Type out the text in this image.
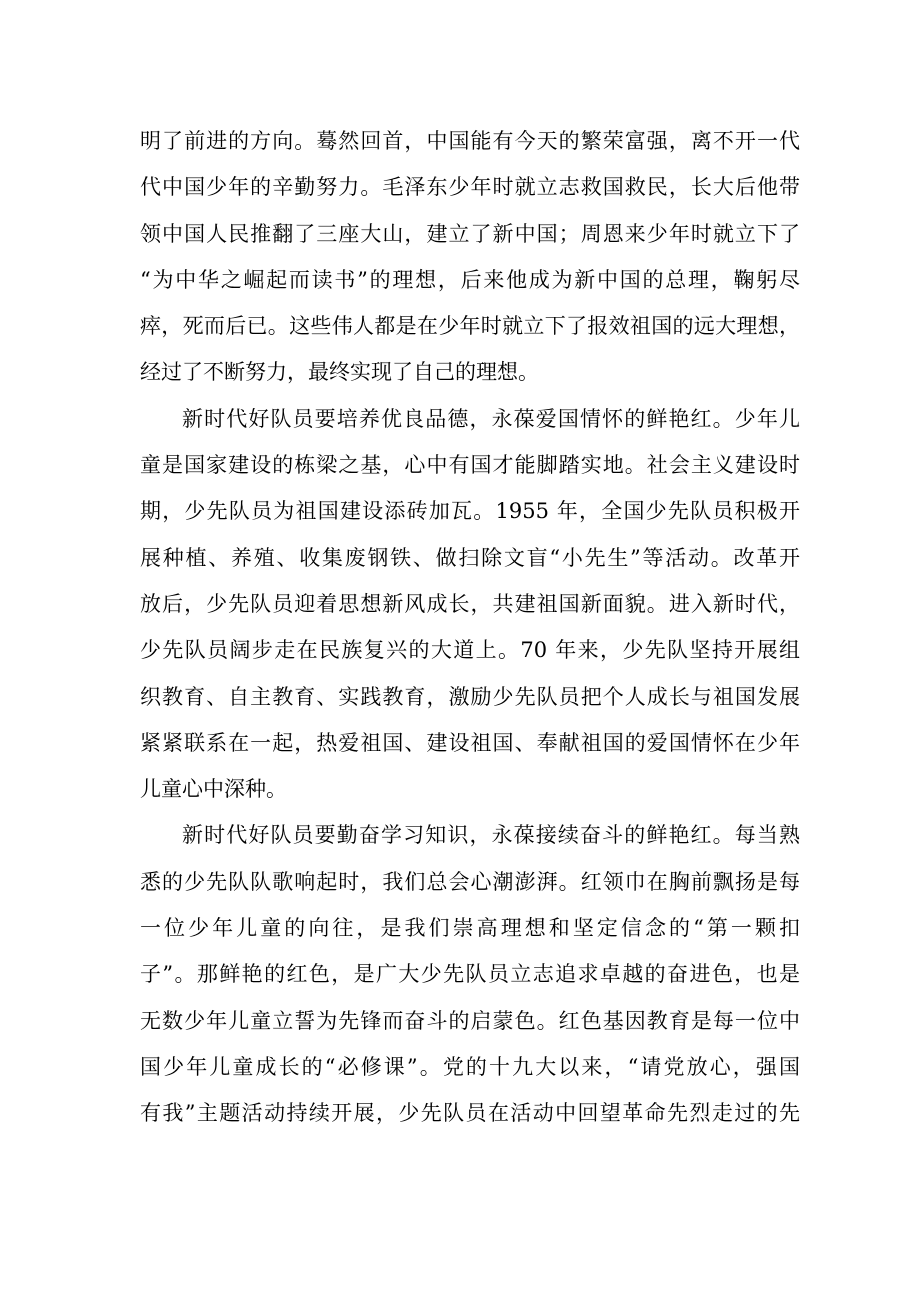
明了前进的方向。蓦然回首，中国能有今天的繁荣富强，离不开一代
代中国少年的辛勤努力。毛泽东少年时就立志救国救民，长大后他带
领中国人民推翻了三座大山，建立了新中国；周恩来少年时就立下了
“为中华之崛起而读书”的理想，后来他成为新中国的总理，鞠躬尽
瘁，死而后已。这些伟人都是在少年时就立下了报效祖国的远大理想，
经过了不断努力，最终实现了自己的理想。
新时代好队员要培养优良品德，永葆爱国情怀的鲜艳红。少年儿
童是国家建设的栋梁之基，心中有国才能脚踏实地。社会主义建设时
期，少先队员为祖国建设添砖加瓦。1955 年，全国少先队员积极开
展种植、养殖、收集废钢铁、做扫除文盲“小先生”等活动。改革开
放后，少先队员迎着思想新风成长，共建祖国新面貌。进入新时代，
少先队员阔步走在民族复兴的大道上。70 年来，少先队坚持开展组
织教育、自主教育、实践教育，激励少先队员把个人成长与祖国发展
紧紧联系在一起，热爱祖国、建设祖国、奉献祖国的爱国情怀在少年
儿童心中深种。
新时代好队员要勤奋学习知识，永葆接续奋斗的鲜艳红。每当熟
悉的少先队队歌响起时，我们总会心潮澎湃。红领巾在胸前飘扬是每
一位少年儿童的向往，是我们崇高理想和坚定信念的“第一颗扣
子”。那鲜艳的红色，是广大少先队员立志追求卓越的奋进色，也是
无数少年儿童立誓为先锋而奋斗的启蒙色。红色基因教育是每一位中
国少年儿童成长的“必修课”。党的十九大以来，“请党放心，强国
有我”主题活动持续开展，少先队员在活动中回望革命先烈走过的先
